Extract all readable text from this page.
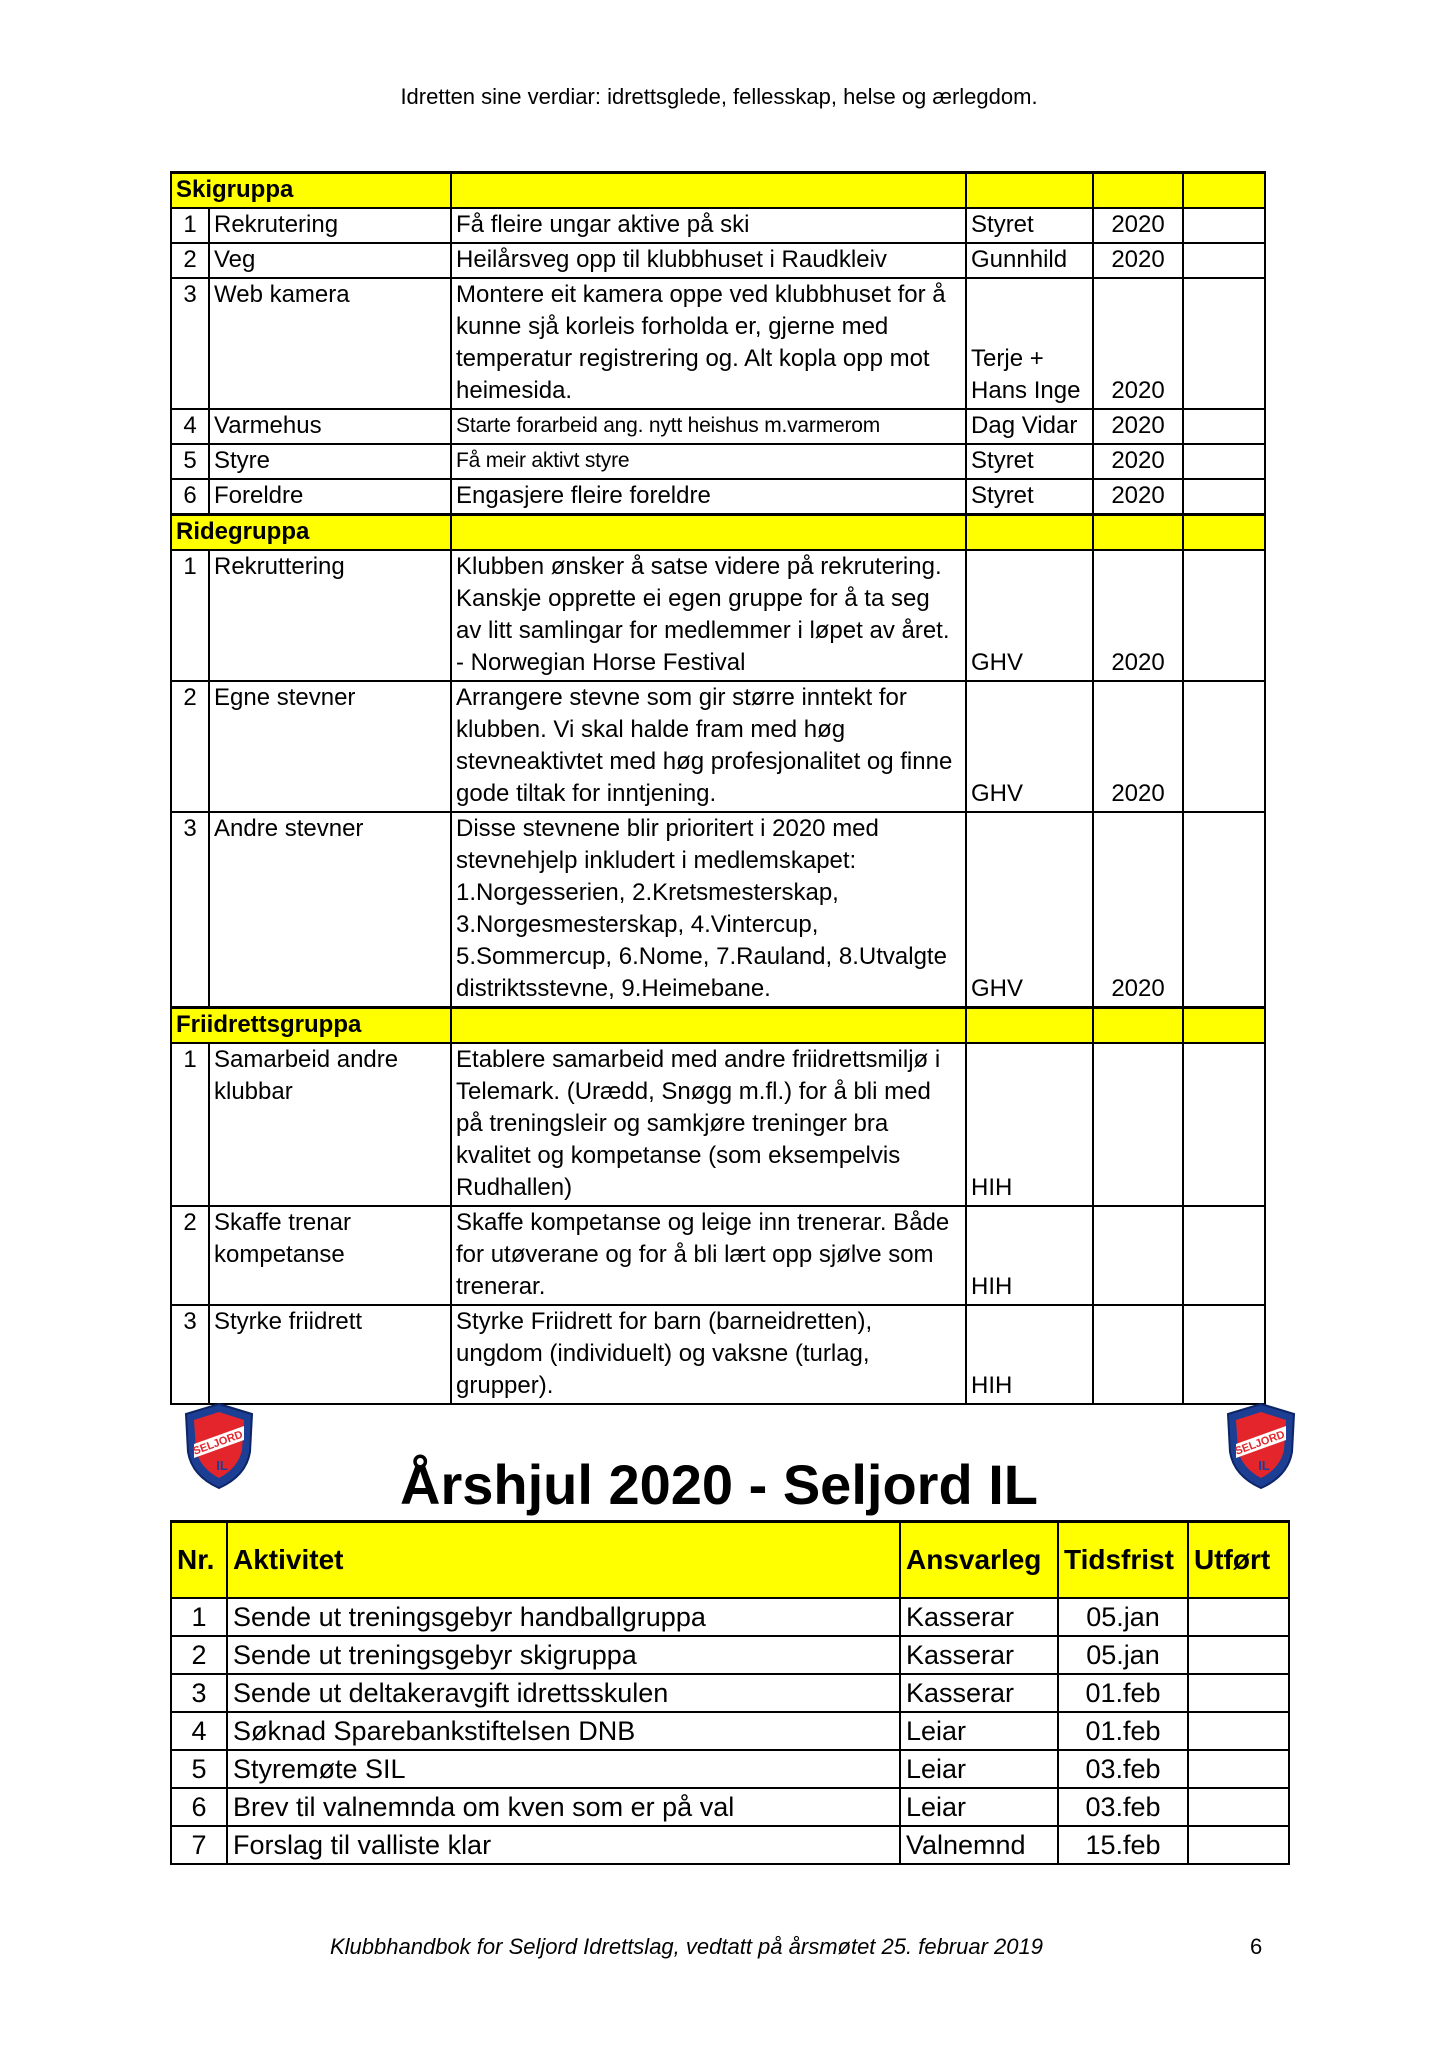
Idretten sine verdiar: idrettsglede, fellesskap, helse og ærlegdom.
Skigruppa					
1	Rekrutering	Få fleire ungar aktive på ski	Styret	2020	
2	Veg	Heilårsveg opp til klubbhuset i Raudkleiv	Gunnhild	2020	
3	Web kamera	Montere eit kamera oppe ved klubbhuset for å kunne sjå korleis forholda er, gjerne med temperatur registrering og. Alt kopla opp mot heimesida.	Terje + Hans Inge	2020	
4	Varmehus	Starte forarbeid ang. nytt heishus m.varmerom	Dag Vidar	2020	
5	Styre	Få meir aktivt styre	Styret	2020	
6	Foreldre	Engasjere fleire foreldre	Styret	2020	
Ridegruppa					
1	Rekruttering	Klubben ønsker å satse videre på rekrutering. Kanskje opprette ei egen gruppe for å ta seg av litt samlingar for medlemmer i løpet av året. - Norwegian Horse Festival	GHV	2020	
2	Egne stevner	Arrangere stevne som gir større inntekt for klubben. Vi skal halde fram med høg stevneaktivtet med høg profesjonalitet og finne gode tiltak for inntjening.	GHV	2020	
3	Andre stevner	Disse stevnene blir prioritert i 2020 med stevnehjelp inkludert i medlemskapet: 1.Norgesserien, 2.Kretsmesterskap, 3.Norgesmesterskap, 4.Vintercup, 5.Sommercup, 6.Nome, 7.Rauland, 8.Utvalgte distriktsstevne, 9.Heimebane.	GHV	2020	
Friidrettsgruppa					
1	Samarbeid andre klubbar	Etablere samarbeid med andre friidrettsmiljø i Telemark. (Urædd, Snøgg m.fl.) for å bli med på treningsleir og samkjøre treninger bra kvalitet og kompetanse (som eksempelvis Rudhallen)	HIH		
2	Skaffe trenar kompetanse	Skaffe kompetanse og leige inn trenerar. Både for utøverane og for å bli lært opp sjølve som trenerar.	HIH		
3	Styrke friidrett	Styrke Friidrett for barn (barneidretten), ungdom (individuelt) og vaksne (turlag, grupper).	HIH		
SELJORD
IL
SELJORD
IL
Årshjul 2020 - Seljord IL
Nr.	Aktivitet	Ansvarleg	Tidsfrist	Utført
1	Sende ut treningsgebyr handballgruppa	Kasserar	05.jan	
2	Sende ut treningsgebyr skigruppa	Kasserar	05.jan	
3	Sende ut deltakeravgift idrettsskulen	Kasserar	01.feb	
4	Søknad Sparebankstiftelsen DNB	Leiar	01.feb	
5	Styremøte SIL	Leiar	03.feb	
6	Brev til valnemnda om kven som er på val	Leiar	03.feb	
7	Forslag til valliste klar	Valnemnd	15.feb	
Klubbhandbok for Seljord Idrettslag, vedtatt på årsmøtet 25. februar 2019	6
